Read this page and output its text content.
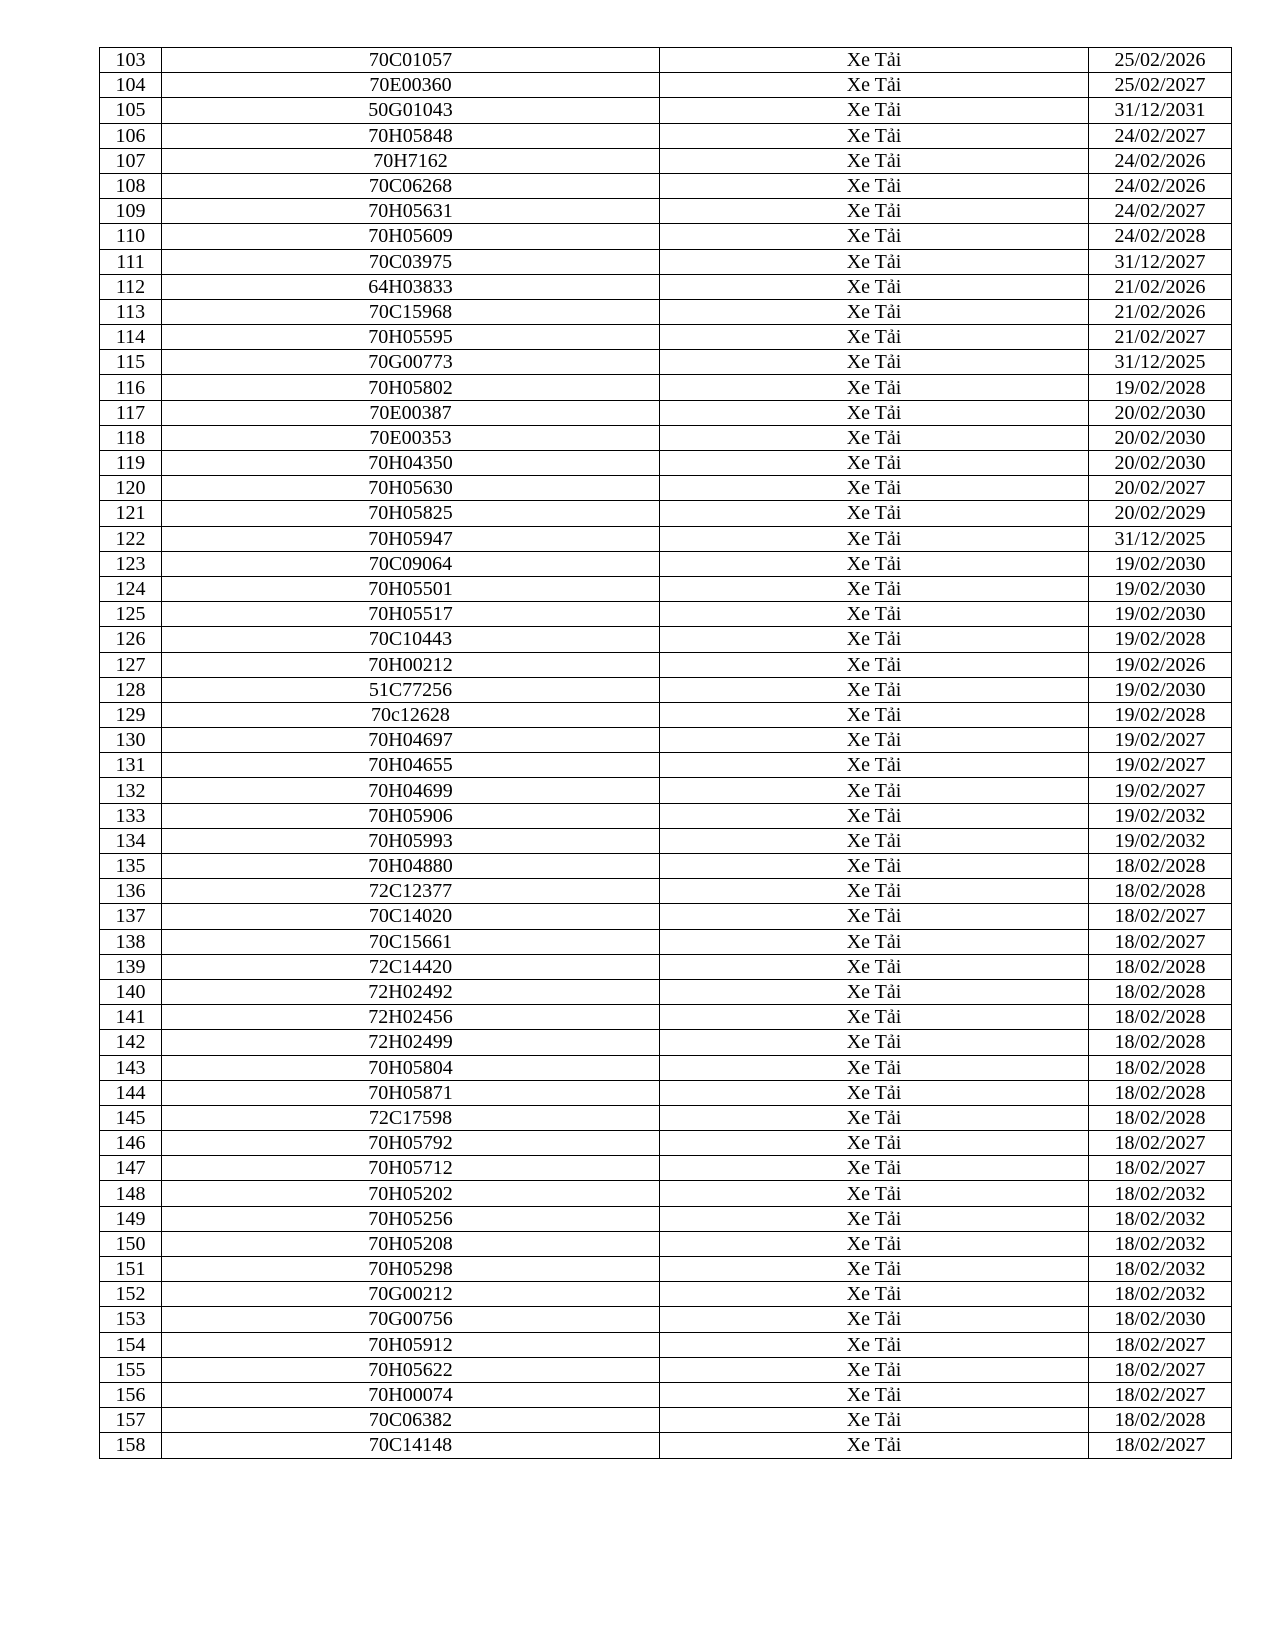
103	70C01057	Xe Tải	25/02/2026
104	70E00360	Xe Tải	25/02/2027
105	50G01043	Xe Tải	31/12/2031
106	70H05848	Xe Tải	24/02/2027
107	70H7162	Xe Tải	24/02/2026
108	70C06268	Xe Tải	24/02/2026
109	70H05631	Xe Tải	24/02/2027
110	70H05609	Xe Tải	24/02/2028
111	70C03975	Xe Tải	31/12/2027
112	64H03833	Xe Tải	21/02/2026
113	70C15968	Xe Tải	21/02/2026
114	70H05595	Xe Tải	21/02/2027
115	70G00773	Xe Tải	31/12/2025
116	70H05802	Xe Tải	19/02/2028
117	70E00387	Xe Tải	20/02/2030
118	70E00353	Xe Tải	20/02/2030
119	70H04350	Xe Tải	20/02/2030
120	70H05630	Xe Tải	20/02/2027
121	70H05825	Xe Tải	20/02/2029
122	70H05947	Xe Tải	31/12/2025
123	70C09064	Xe Tải	19/02/2030
124	70H05501	Xe Tải	19/02/2030
125	70H05517	Xe Tải	19/02/2030
126	70C10443	Xe Tải	19/02/2028
127	70H00212	Xe Tải	19/02/2026
128	51C77256	Xe Tải	19/02/2030
129	70c12628	Xe Tải	19/02/2028
130	70H04697	Xe Tải	19/02/2027
131	70H04655	Xe Tải	19/02/2027
132	70H04699	Xe Tải	19/02/2027
133	70H05906	Xe Tải	19/02/2032
134	70H05993	Xe Tải	19/02/2032
135	70H04880	Xe Tải	18/02/2028
136	72C12377	Xe Tải	18/02/2028
137	70C14020	Xe Tải	18/02/2027
138	70C15661	Xe Tải	18/02/2027
139	72C14420	Xe Tải	18/02/2028
140	72H02492	Xe Tải	18/02/2028
141	72H02456	Xe Tải	18/02/2028
142	72H02499	Xe Tải	18/02/2028
143	70H05804	Xe Tải	18/02/2028
144	70H05871	Xe Tải	18/02/2028
145	72C17598	Xe Tải	18/02/2028
146	70H05792	Xe Tải	18/02/2027
147	70H05712	Xe Tải	18/02/2027
148	70H05202	Xe Tải	18/02/2032
149	70H05256	Xe Tải	18/02/2032
150	70H05208	Xe Tải	18/02/2032
151	70H05298	Xe Tải	18/02/2032
152	70G00212	Xe Tải	18/02/2032
153	70G00756	Xe Tải	18/02/2030
154	70H05912	Xe Tải	18/02/2027
155	70H05622	Xe Tải	18/02/2027
156	70H00074	Xe Tải	18/02/2027
157	70C06382	Xe Tải	18/02/2028
158	70C14148	Xe Tải	18/02/2027
